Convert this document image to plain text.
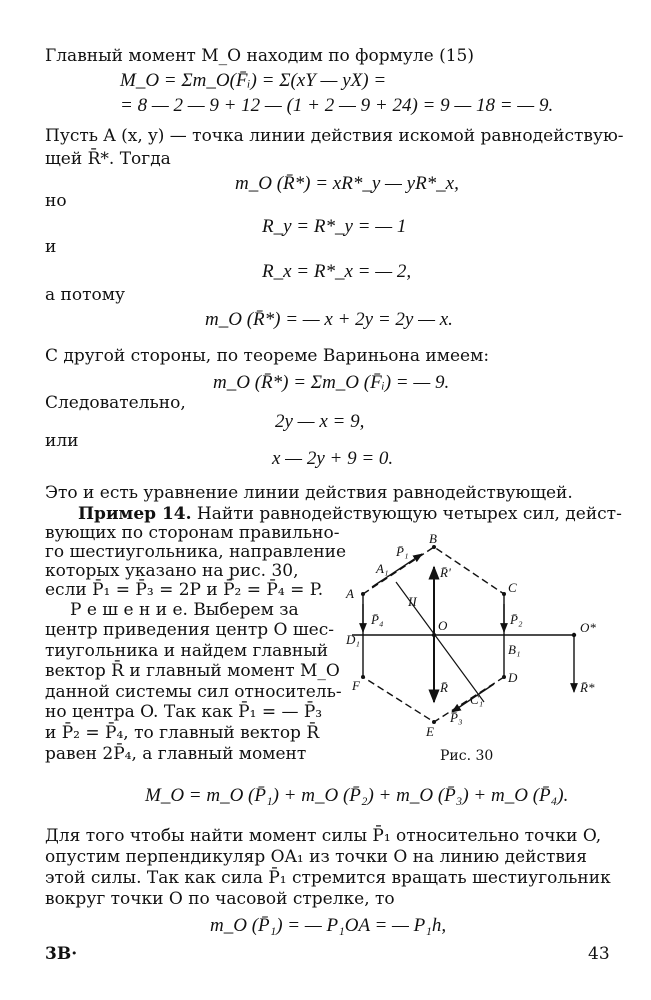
Главный момент M_O находим по формуле (15)
M_O = Σm_O(F̄ᵢ) = Σ(xY — yX) =
= 8 — 2 — 9 + 12 — (1 + 2 — 9 + 24) = 9 — 18 = — 9.
Пусть A (x, y) — точка линии действия искомой равнодействую-
щей R̄*. Тогда
m_O (R̄*) = xR*_y — yR*_x,
но
R_y = R*_y = — 1
и
R_x = R*_x = — 2,
а потому
m_O (R̄*) = — x + 2y = 2y — x.
С другой стороны, по теореме Вариньона имеем:
m_O (R̄*) = Σm_O (F̄ᵢ) = — 9.
Следовательно,
2y — x = 9,
или
x — 2y + 9 = 0.
Это и есть уравнение линии действия равнодействующей.
Пример 14. Найти равнодействующую четырех сил, дейст-
вующих по сторонам правильно-
го шестиугольника, направление
которых указано на рис. 30,
если P̄₁ = P̄₃ = 2P и P̄₂ = P̄₄ = P.
Р е ш е н и е. Выберем за
центр приведения центр O шес-
тиугольника и найдем главный
вектор R̄ и главный момент M_O
данной системы сил относитель-
но центра O. Так как P̄₁ = — P̄₃
и P̄₂ = P̄₄, то главный вектор R̄
равен 2P̄₄, а главный момент
B
P̄₁
A₁	R̄'
C
A
P̄₄
II
O	P̄₂
D₁
B₁
O*
F	R̄
C₁
D
R̄*
E
P̄₃
Рис. 30
M_O = m_O (P̄₁) + m_O (P̄₂) + m_O (P̄₃) + m_O (P̄₄).
Для того чтобы найти момент силы P̄₁ относительно точки O,
опустим перпендикуляр OA₁ из точки O на линию действия
этой силы. Так как сила P̄₁ стремится вращать шестиугольник
вокруг точки O по часовой стрелке, то
m_O (P̄₁) = — P₁OA = — P₁h,
3В·	43
